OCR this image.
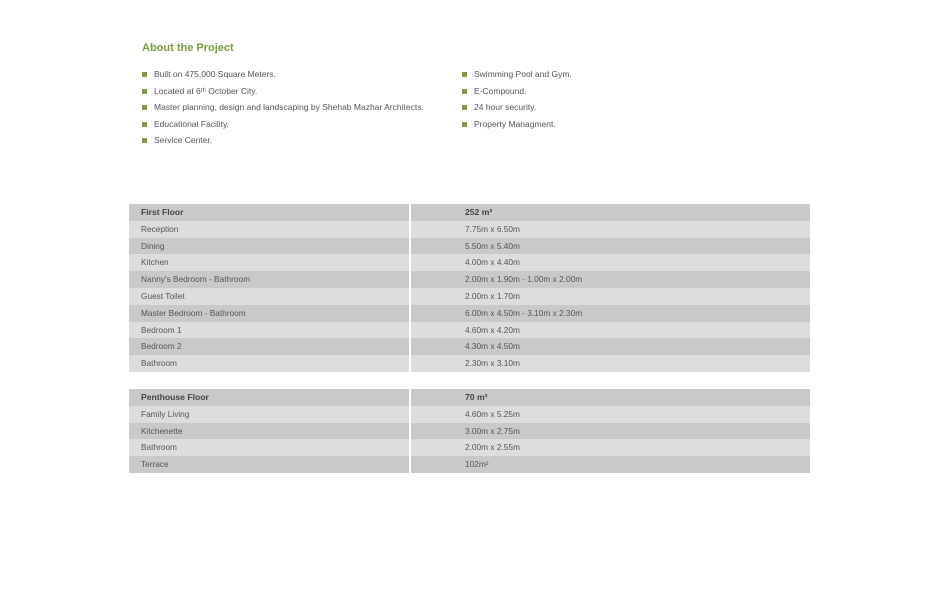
About the Project
Built on 475,000 Square Meters.
Located at 6ᵗʰ October City.
Master planning, design and landscaping by Shehab Mazhar Architects.
Educational Facility.
Service Center.
Swimming Pool and Gym.
E-Compound.
24 hour security.
Property Managment.
First Floor	252 m²
Reception	7.75m x 6.50m
Dining	5.50m x 5.40m
Kitchen	4.00m x 4.40m
Nanny's Bedroom - Bathroom	2.00m x 1.90m - 1.00m x 2.00m
Guest Toilet	2.00m x 1.70m
Master Bedroom - Bathroom	6.00m x 4.50m - 3.10m x 2.30m
Bedroom 1	4.60m x 4.20m
Bedroom 2	4.30m x 4.50m
Bathroom	2.30m x 3.10m
Penthouse Floor	70 m²
Family Living	4.60m x 5.25m
Kitchenette	3.00m x 2.75m
Bathroom	2.00m x 2.55m
Terrace	102m²
